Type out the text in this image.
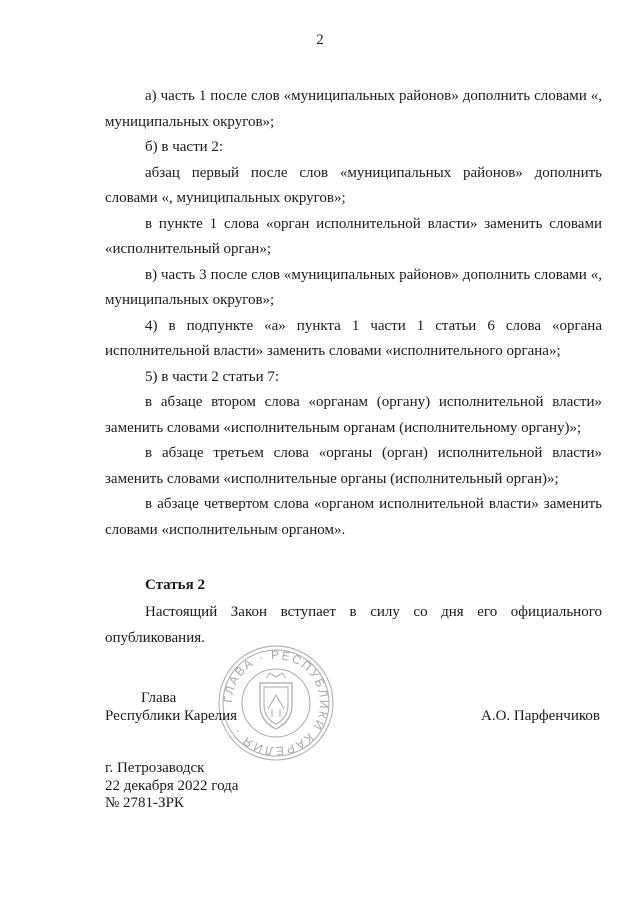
2

а) часть 1 после слов «муниципальных районов» дополнить словами «, муниципальных округов»;

б) в части 2:

абзац первый после слов «муниципальных районов» дополнить словами «, муниципальных округов»;

в пункте 1 слова «орган исполнительной власти» заменить словами «исполнительный орган»;

в) часть 3 после слов «муниципальных районов» дополнить словами «, муниципальных округов»;

4) в подпункте «а» пункта 1 части 1 статьи 6 слова «органа исполнительной власти» заменить словами «исполнительного органа»;

5) в части 2 статьи 7:

в абзаце втором слова «органам (органу) исполнительной власти» заменить словами «исполнительным органам (исполнительному органу)»;

в абзаце третьем слова «органы (орган) исполнительной власти» заменить словами «исполнительные органы (исполнительный орган)»;

в абзаце четвертом слова «органом исполнительной власти» заменить словами «исполнительным органом».

Статья 2

Настоящий Закон вступает в силу со дня его официального опубликования.

ГЛАВА · РЕСПУБЛИКИ КАРЕЛИЯ ·
Глава
Республики Карелия	А.О. Парфенчиков
г. Петрозаводск
22 декабря 2022 года
№ 2781-ЗРК
